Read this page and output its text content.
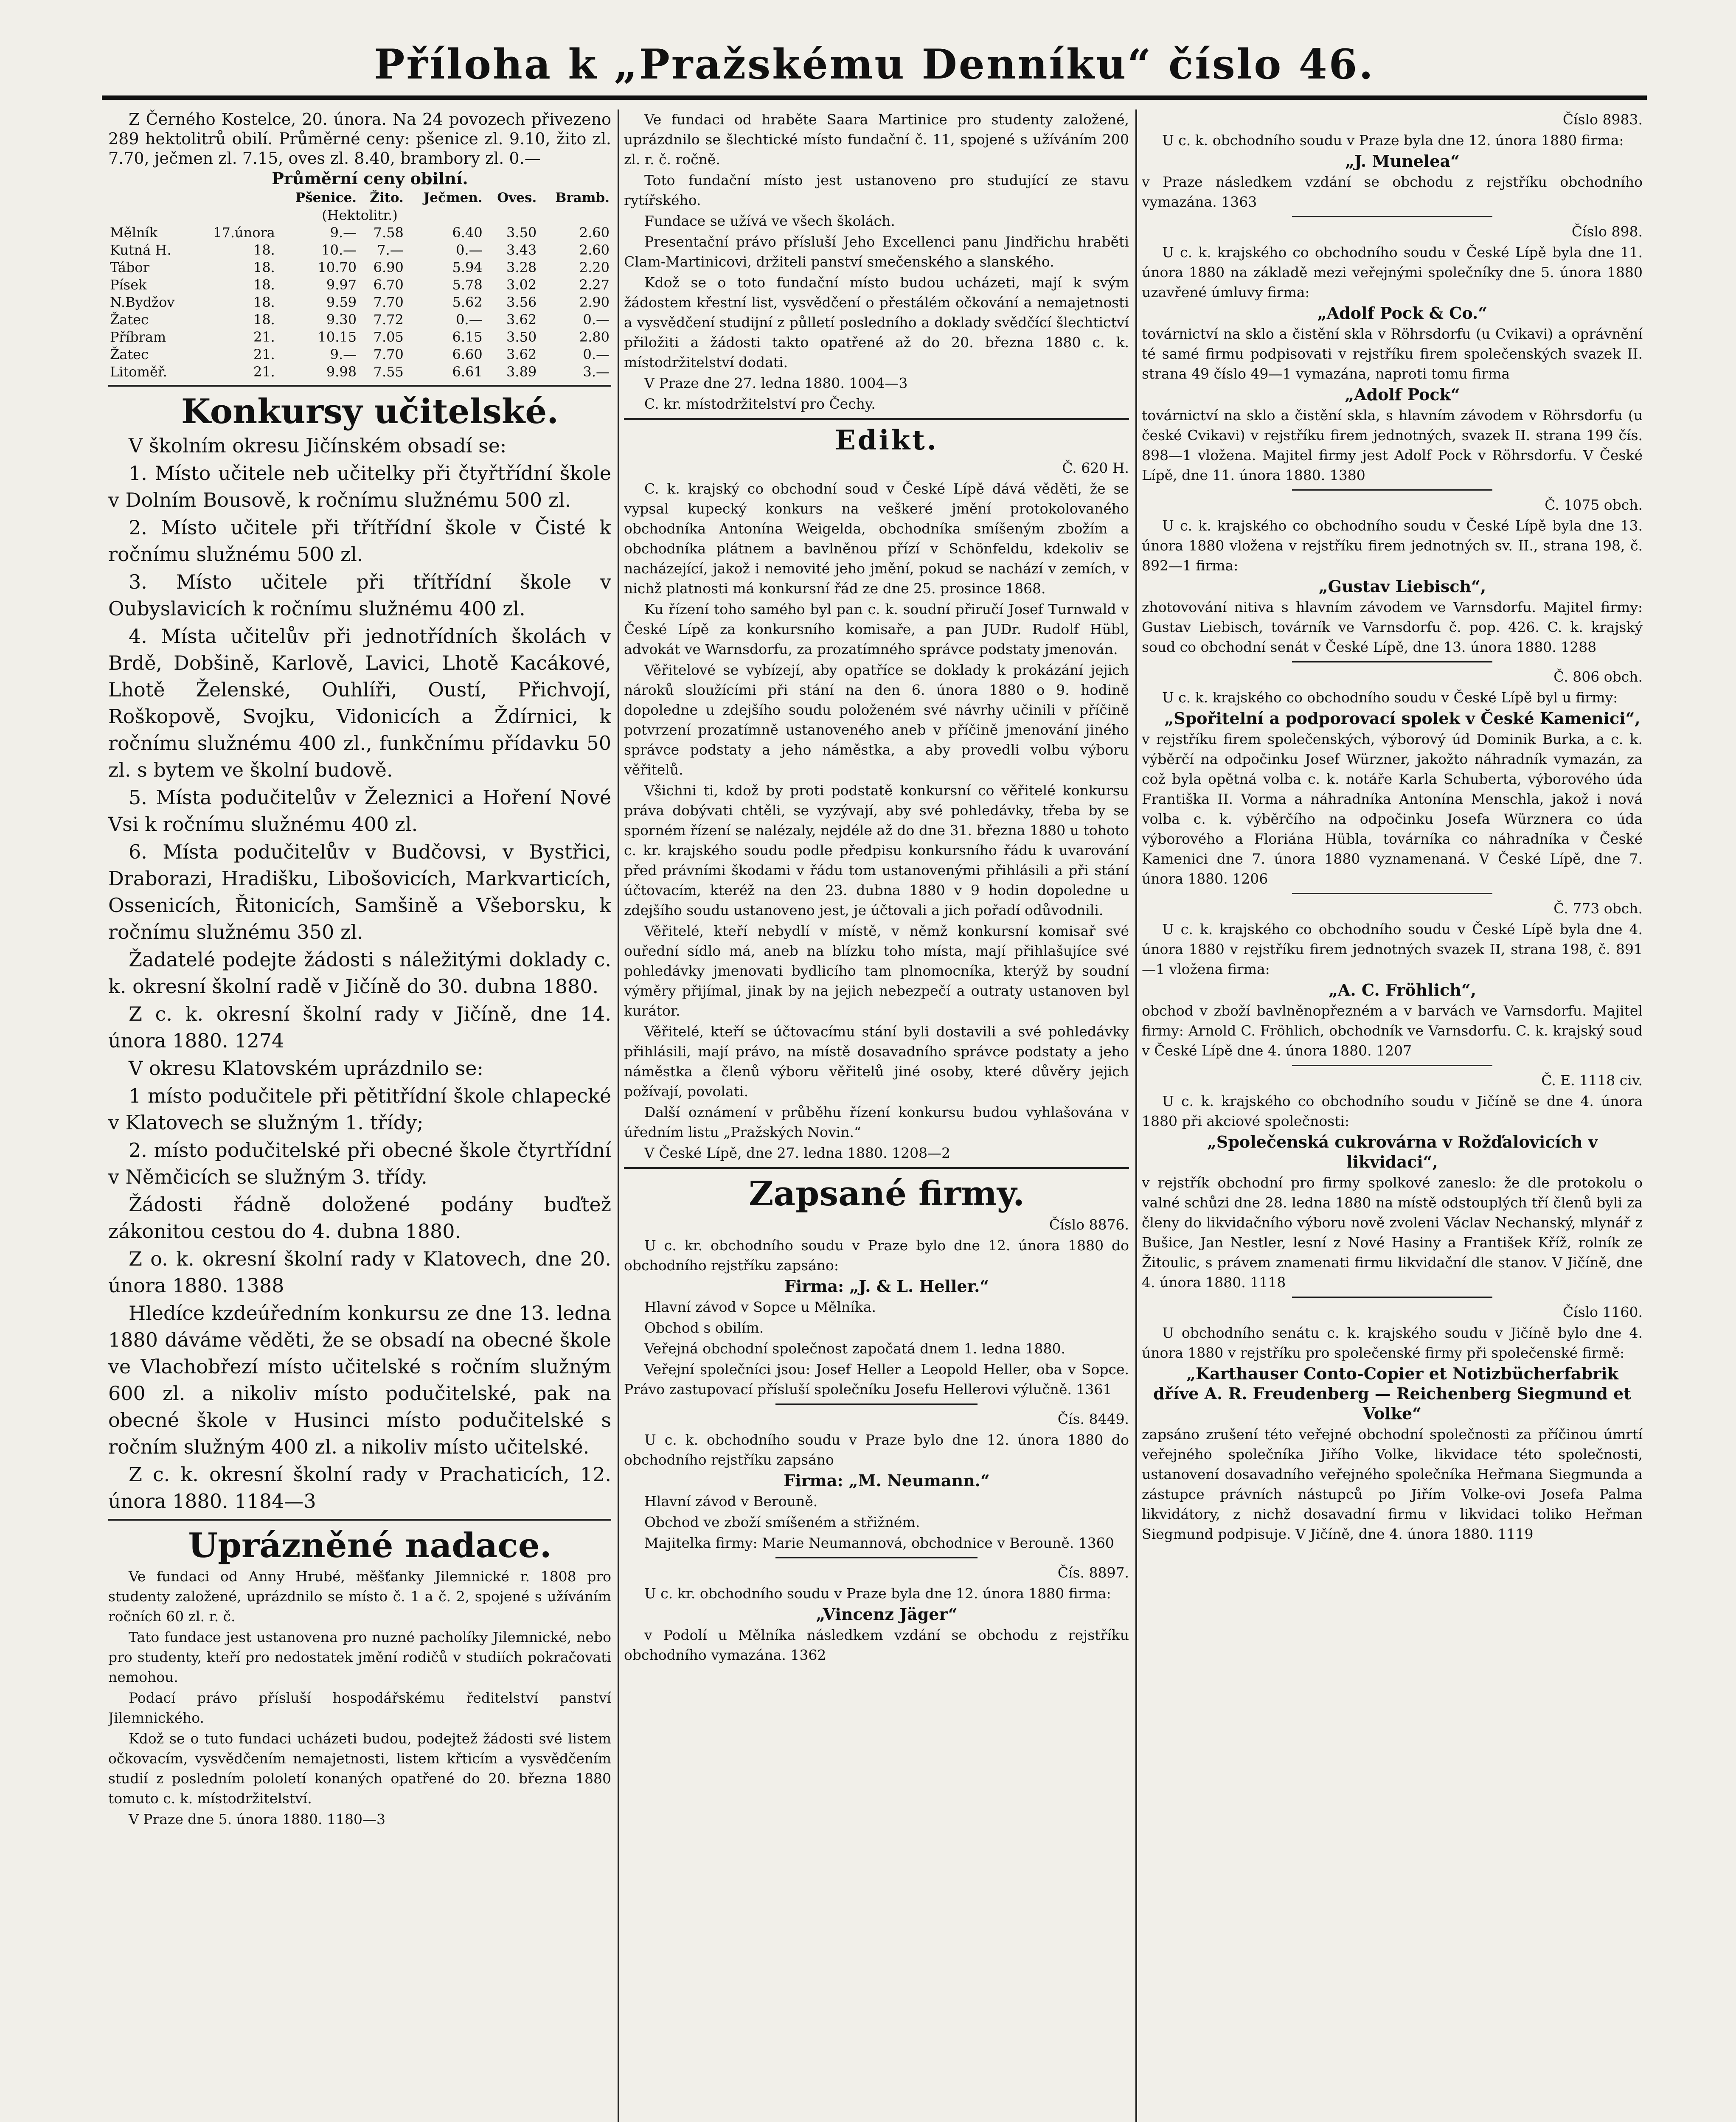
Příloha k „Pražskému Denníku“ číslo 46.

Z Černého Kostelce, 20. února. Na 24 povozech přivezeno 289 hektolitrů obilí. Průměrné ceny: pšenice zl. 9.10, žito zl. 7.70, ječmen zl. 7.15, oves zl. 8.40, brambory zl. 0.—

Průměrní ceny obilní.

		Pšenice.	Žito.	Ječmen.	Oves.	Bramb.
(Hektolitr.)						
Mělník	17.února	9.—	7.58	6.40	3.50	2.60
Kutná H.	18.	10.—	7.—	0.—	3.43	2.60
Tábor	18.	10.70	6.90	5.94	3.28	2.20
Písek	18.	9.97	6.70	5.78	3.02	2.27
N.Bydžov	18.	9.59	7.70	5.62	3.56	2.90
Žatec	18.	9.30	7.72	0.—	3.62	0.—
Příbram	21.	10.15	7.05	6.15	3.50	2.80
Žatec	21.	9.—	7.70	6.60	3.62	0.—
Litoměř.	21.	9.98	7.55	6.61	3.89	3.—

Konkursy učitelské.

V školním okresu Jičínském obsadí se:

1. Místo učitele neb učitelky při čtyřtřídní škole v Dolním Bousově, k ročnímu služnému 500 zl.

2. Místo učitele při třítřídní škole v Čisté k ročnímu služnému 500 zl.

3. Místo učitele při třítřídní škole v Oubyslavicích k ročnímu služnému 400 zl.

4. Místa učitelův při jednotřídních školách v Brdě, Dobšině, Karlově, Lavici, Lhotě Kacákové, Lhotě Želenské, Ouhlíři, Oustí, Přichvojí, Roškopově, Svojku, Vidonicích a Ždírnici, k ročnímu služnému 400 zl., funkčnímu přídavku 50 zl. s bytem ve školní budově.

5. Místa podučitelův v Železnici a Hoření Nové Vsi k ročnímu služnému 400 zl.

6. Místa podučitelův v Budčovsi, v Bystřici, Draborazi, Hradišku, Libošovicích, Markvarticích, Ossenicích, Řitonicích, Samšině a Všeborsku, k ročnímu služnému 350 zl.

Žadatelé podejte žádosti s náležitými doklady c. k. okresní školní radě v Jičíně do 30. dubna 1880.

Z c. k. okresní školní rady v Jičíně, dne 14. února 1880. 1274

V okresu Klatovském uprázdnilo se:

1 místo podučitele při pětitřídní škole chlapecké v Klatovech se služným 1. třídy;

2. místo podučitelské při obecné škole čtyrtřídní v Němčicích se služným 3. třídy.

Žádosti řádně doložené podány buďtež zákonitou cestou do 4. dubna 1880.

Z o. k. okresní školní rady v Klatovech, dne 20. února 1880. 1388

Hledíce kzdeúředním konkursu ze dne 13. ledna 1880 dáváme věděti, že se obsadí na obecné škole ve Vlachobřezí místo učitelské s ročním služným 600 zl. a nikoliv místo podučitelské, pak na obecné škole v Husinci místo podučitelské s ročním služným 400 zl. a nikoliv místo učitelské.

Z c. k. okresní školní rady v Prachaticích, 12. února 1880. 1184—3

Uprázněné nadace.

Ve fundaci od Anny Hrubé, měšťanky Jilemnické r. 1808 pro studenty založené, uprázdnilo se místo č. 1 a č. 2, spojené s užíváním ročních 60 zl. r. č.

Tato fundace jest ustanovena pro nuzné pacholíky Jilemnické, nebo pro studenty, kteří pro nedostatek jmění rodičů v studiích pokračovati nemohou.

Podací právo přísluší hospodářskému ředitelství panství Jilemnického.

Kdož se o tuto fundaci ucházeti budou, podejtež žádosti své listem očkovacím, vysvědčením nemajetnosti, listem křticím a vysvědčením studií z posledním pololetí konaných opatřené do 20. března 1880 tomuto c. k. místodržitelství.

V Praze dne 5. února 1880. 1180—3

Ve fundaci od hraběte Saara Martinice pro studenty založené, uprázdnilo se šlechtické místo fundační č. 11, spojené s užíváním 200 zl. r. č. ročně.

Toto fundační místo jest ustanoveno pro studující ze stavu rytířského.

Fundace se užívá ve všech školách.

Presentační právo přísluší Jeho Excellenci panu Jindřichu hraběti Clam-Martinicovi, držiteli panství smečenského a slanského.

Kdož se o toto fundační místo budou ucházeti, mají k svým žádostem křestní list, vysvědčení o přestálém očkování a nemajetnosti a vysvědčení studijní z půlletí posledního a doklady svědčící šlechtictví přiložiti a žádosti takto opatřené až do 20. března 1880 c. k. místodržitelství dodati.

V Praze dne 27. ledna 1880. 1004—3

C. kr. místodržitelství pro Čechy.

Edikt.

Č. 620 H.

C. k. krajský co obchodní soud v České Lípě dává věděti, že se vypsal kupecký konkurs na veškeré jmění protokolovaného obchodníka Antonína Weigelda, obchodníka smíšeným zbožím a obchodníka plátnem a bavlněnou přízí v Schönfeldu, kdekoliv se nacházející, jakož i nemovité jeho jmění, pokud se nachází v zemích, v nichž platnosti má konkursní řád ze dne 25. prosince 1868.

Ku řízení toho samého byl pan c. k. soudní přiručí Josef Turnwald v České Lípě za konkursního komisaře, a pan JUDr. Rudolf Hübl, advokát ve Warnsdorfu, za prozatímného správce podstaty jmenován.

Věřitelové se vybízejí, aby opatříce se doklady k prokázání jejich nároků sloužícími při stání na den 6. února 1880 o 9. hodině dopoledne u zdejšího soudu položeném své návrhy učinili v příčině potvrzení prozatímně ustanoveného aneb v příčině jmenování jiného správce podstaty a jeho náměstka, a aby provedli volbu výboru věřitelů.

Všichni ti, kdož by proti podstatě konkursní co věřitelé konkursu práva dobývati chtěli, se vyzývají, aby své pohledávky, třeba by se sporném řízení se nalézaly, nejdéle až do dne 31. března 1880 u tohoto c. kr. krajského soudu podle předpisu konkursního řádu k uvarování před právními škodami v řádu tom ustanovenými přihlásili a při stání účtovacím, kteréž na den 23. dubna 1880 v 9 hodin dopoledne u zdejšího soudu ustanoveno jest, je účtovali a jich pořadí odůvodnili.

Věřitelé, kteří nebydlí v místě, v němž konkursní komisař své ouřední sídlo má, aneb na blízku toho místa, mají přihlašujíce své pohledávky jmenovati bydlicího tam plnomocníka, kterýž by soudní výměry přijímal, jinak by na jejich nebezpečí a outraty ustanoven byl kurátor.

Věřitelé, kteří se účtovacímu stání byli dostavili a své pohledávky přihlásili, mají právo, na místě dosavadního správce podstaty a jeho náměstka a členů výboru věřitelů jiné osoby, které důvěry jejich požívají, povolati.

Další oznámení v průběhu řízení konkursu budou vyhlašována v úředním listu „Pražských Novin.“

V České Lípě, dne 27. ledna 1880. 1208—2

Zapsané firmy.

Číslo 8876.

U c. kr. obchodního soudu v Praze bylo dne 12. února 1880 do obchodního rejstříku zapsáno:

Firma: „J. & L. Heller.“

Hlavní závod v Sopce u Mělníka.

Obchod s obilím.

Veřejná obchodní společnost započatá dnem 1. ledna 1880.

Veřejní společníci jsou: Josef Heller a Leopold Heller, oba v Sopce. Právo zastupovací přísluší společníku Josefu Hellerovi výlučně. 1361

Čís. 8449.

U c. k. obchodního soudu v Praze bylo dne 12. února 1880 do obchodního rejstříku zapsáno

Firma: „M. Neumann.“

Hlavní závod v Berouně.

Obchod ve zboží smíšeném a střižném.

Majitelka firmy: Marie Neumannová, obchodnice v Berouně. 1360

Čís. 8897.

U c. kr. obchodního soudu v Praze byla dne 12. února 1880 firma:

„Vincenz Jäger“

v Podolí u Mělníka následkem vzdání se obchodu z rejstříku obchodního vymazána. 1362

Číslo 8983.

U c. k. obchodního soudu v Praze byla dne 12. února 1880 firma:

„J. Munelea“

v Praze následkem vzdání se obchodu z rejstříku obchodního vymazána. 1363

Číslo 898.

U c. k. krajského co obchodního soudu v České Lípě byla dne 11. února 1880 na základě mezi veřejnými společníky dne 5. února 1880 uzavřené úmluvy firma:

„Adolf Pock & Co.“

továrnictví na sklo a čistění skla v Röhrsdorfu (u Cvikavi) a oprávnění té samé firmu podpisovati v rejstříku firem společenských svazek II. strana 49 číslo 49—1 vymazána, naproti tomu firma

„Adolf Pock“

továrnictví na sklo a čistění skla, s hlavním závodem v Röhrsdorfu (u české Cvikavi) v rejstříku firem jednotných, svazek II. strana 199 čís. 898—1 vložena. Majitel firmy jest Adolf Pock v Röhrsdorfu. V České Lípě, dne 11. února 1880. 1380

Č. 1075 obch.

U c. k. krajského co obchodního soudu v České Lípě byla dne 13. února 1880 vložena v rejstříku firem jednotných sv. II., strana 198, č. 892—1 firma:

„Gustav Liebisch“,

zhotovování nitiva s hlavním závodem ve Varnsdorfu. Majitel firmy: Gustav Liebisch, továrník ve Varnsdorfu č. pop. 426. C. k. krajský soud co obchodní senát v České Lípě, dne 13. února 1880. 1288

Č. 806 obch.

U c. k. krajského co obchodního soudu v České Lípě byl u firmy:

„Spořitelní a podporovací spolek v České Kamenici“,

v rejstříku firem společenských, výborový úd Dominik Burka, a c. k. výběrčí na odpočinku Josef Würzner, jakožto náhradník vymazán, za což byla opětná volba c. k. notáře Karla Schuberta, výborového úda Františka II. Vorma a náhradníka Antonína Menschla, jakož i nová volba c. k. výběrčího na odpočinku Josefa Würznera co úda výborového a Floriána Hübla, továrníka co náhradníka v České Kamenici dne 7. února 1880 vyznamenaná. V České Lípě, dne 7. února 1880. 1206

Č. 773 obch.

U c. k. krajského co obchodního soudu v České Lípě byla dne 4. února 1880 v rejstříku firem jednotných svazek II, strana 198, č. 891—1 vložena firma:

„A. C. Fröhlich“,

obchod v zboží bavlněnopřezném a v barvách ve Varnsdorfu. Majitel firmy: Arnold C. Fröhlich, obchodník ve Varnsdorfu. C. k. krajský soud v České Lípě dne 4. února 1880. 1207

Č. E. 1118 civ.

U c. k. krajského co obchodního soudu v Jičíně se dne 4. února 1880 při akciové společnosti:

„Společenská cukrovárna v Rožďalovicích v likvidaci“,

v rejstřík obchodní pro firmy spolkové zaneslo: že dle protokolu o valné schůzi dne 28. ledna 1880 na místě odstouplých tří členů byli za členy do likvidačního výboru nově zvoleni Václav Nechanský, mlynář z Bušice, Jan Nestler, lesní z Nové Hasiny a František Kříž, rolník ze Žitoulic, s právem znamenati firmu likvidační dle stanov. V Jičíně, dne 4. února 1880. 1118

Číslo 1160.

U obchodního senátu c. k. krajského soudu v Jičíně bylo dne 4. února 1880 v rejstříku pro společenské firmy při společenské firmě:

„Karthauser Conto-Copier et Notizbücherfabrik dříve A. R. Freudenberg — Reichenberg Siegmund et Volke“

zapsáno zrušení této veřejné obchodní společnosti za příčinou úmrtí veřejného společníka Jiřího Volke, likvidace této společnosti, ustanovení dosavadního veřejného společníka Heřmana Siegmunda a zástupce právních nástupců po Jiřím Volke-ovi Josefa Palma likvidátory, z nichž dosavadní firmu v likvidaci toliko Heřman Siegmund podpisuje. V Jičíně, dne 4. února 1880. 1119
